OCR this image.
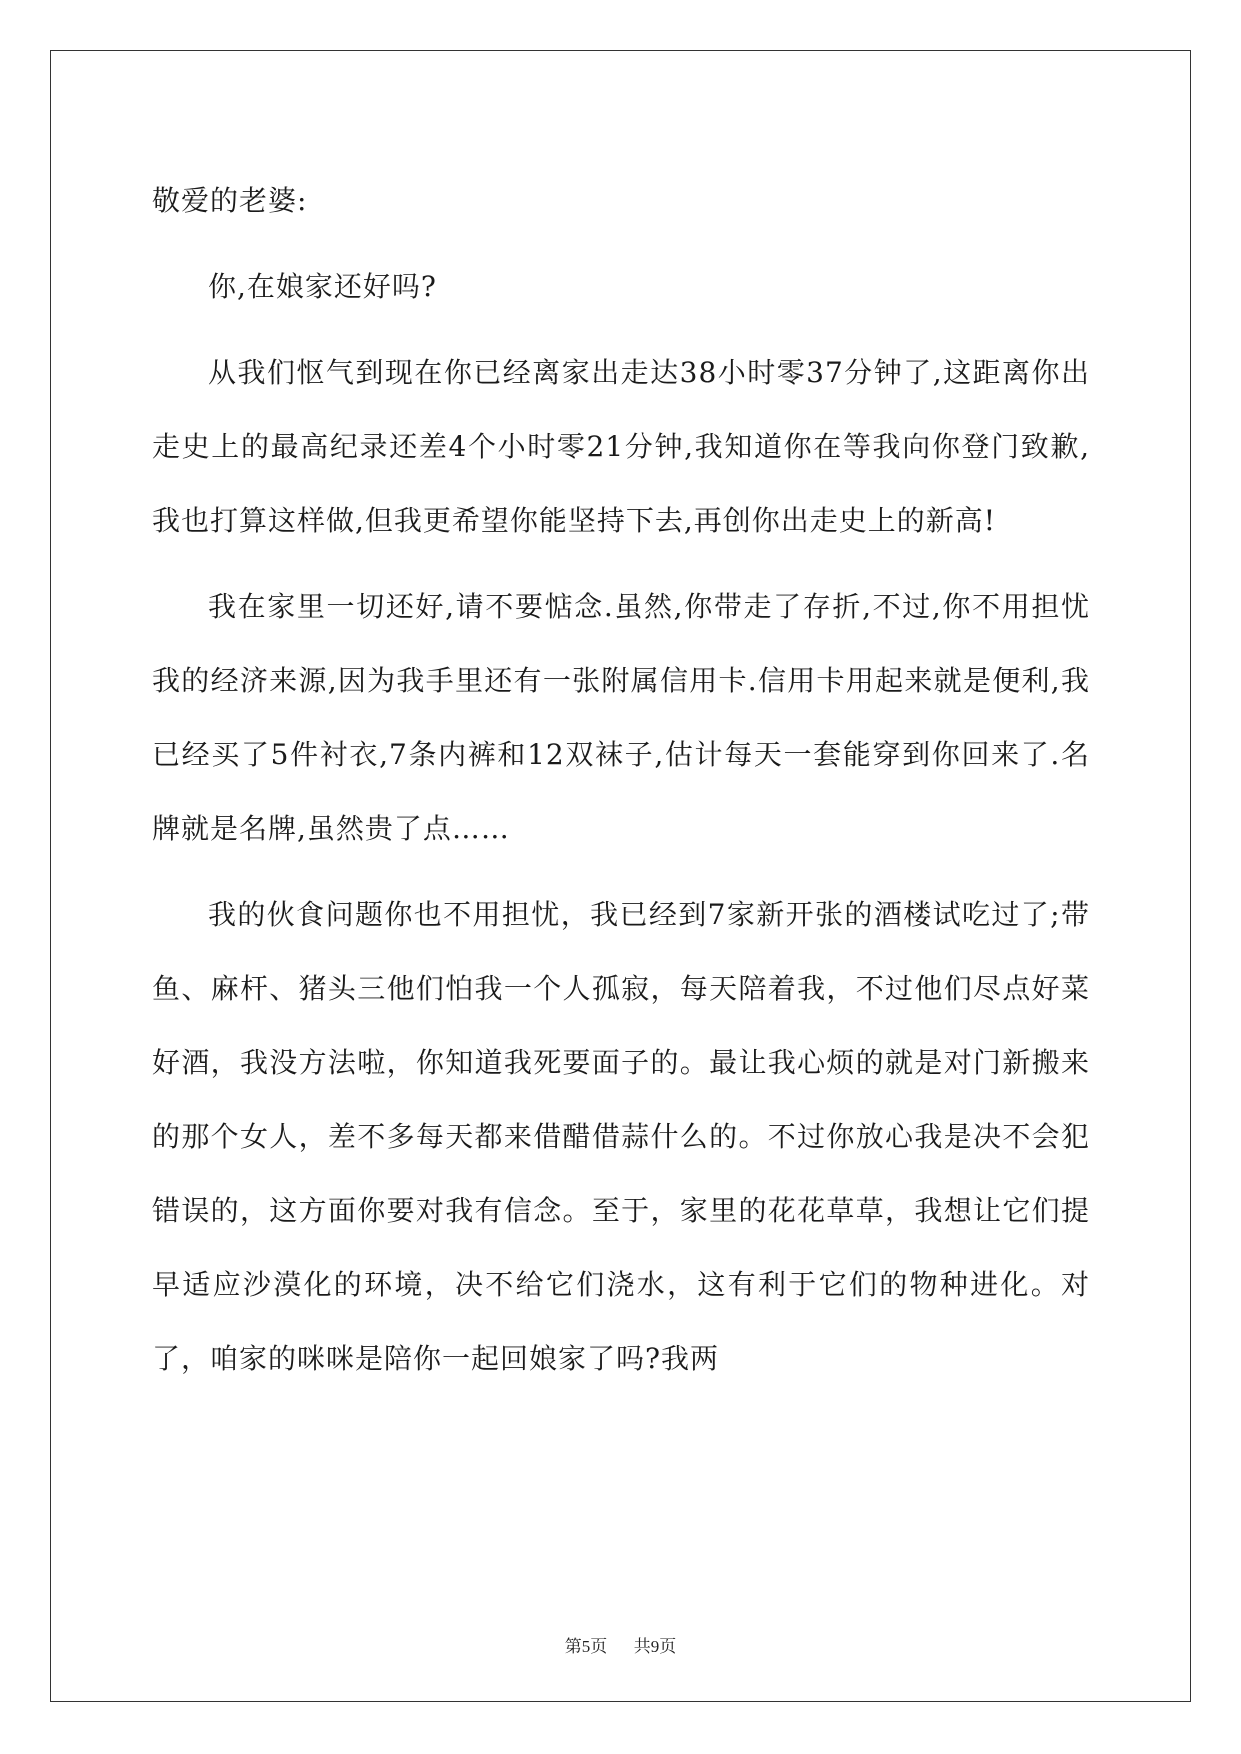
敬爱的老婆:

你,在娘家还好吗?

从我们怄气到现在你已经离家出走达38小时零37分钟了,这距离你出走史上的最高纪录还差4个小时零21分钟,我知道你在等我向你登门致歉,我也打算这样做,但我更希望你能坚持下去,再创你出走史上的新高!

我在家里一切还好,请不要惦念.虽然,你带走了存折,不过,你不用担忧我的经济来源,因为我手里还有一张附属信用卡.信用卡用起来就是便利,我已经买了5件衬衣,7条内裤和12双袜子,估计每天一套能穿到你回来了.名牌就是名牌,虽然贵了点……

我的伙食问题你也不用担忧，我已经到7家新开张的酒楼试吃过了;带鱼、麻杆、猪头三他们怕我一个人孤寂，每天陪着我，不过他们尽点好菜好酒，我没方法啦，你知道我死要面子的。最让我心烦的就是对门新搬来的那个女人，差不多每天都来借醋借蒜什么的。不过你放心我是决不会犯错误的，这方面你要对我有信念。至于，家里的花花草草，我想让它们提早适应沙漠化的环境，决不给它们浇水，这有利于它们的物种进化。对了，咱家的咪咪是陪你一起回娘家了吗?我两

第5页 共9页
